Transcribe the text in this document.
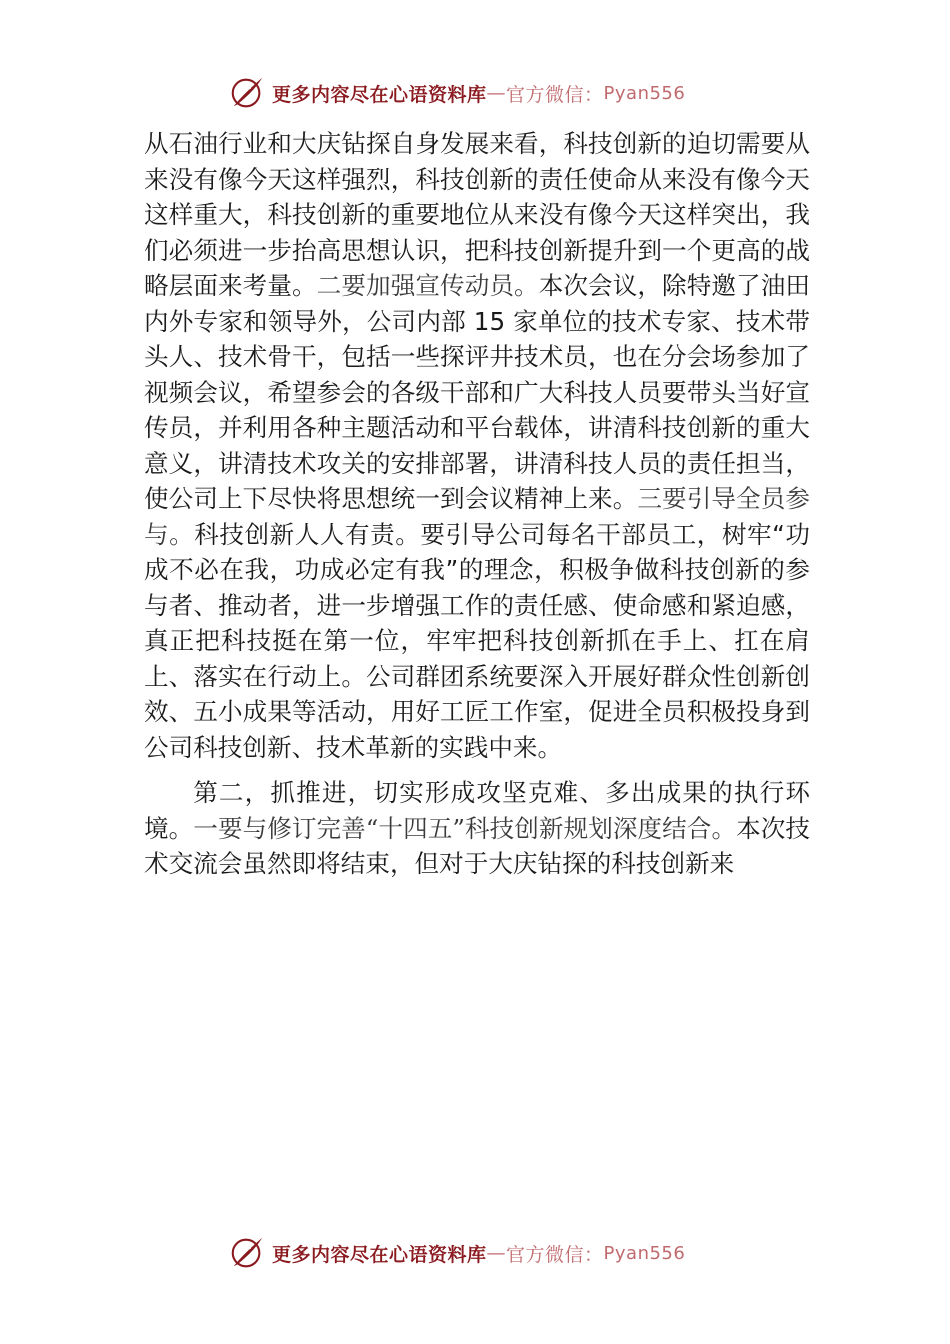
更多内容尽在心语资料库 — 官方微信： Pyan556

从石油行业和大庆钻探自身发展来看，科技创新的迫切需要从来没有像今天这样强烈，科技创新的责任使命从来没有像今天这样重大，科技创新的重要地位从来没有像今天这样突出，我们必须进一步抬高思想认识，把科技创新提升到一个更高的战略层面来考量。二要加强宣传动员。本次会议，除特邀了油田内外专家和领导外，公司内部 15 家单位的技术专家、技术带头人、技术骨干，包括一些探评井技术员，也在分会场参加了视频会议，希望参会的各级干部和广大科技人员要带头当好宣传员，并利用各种主题活动和平台载体，讲清科技创新的重大意义，讲清技术攻关的安排部署，讲清科技人员的责任担当，使公司上下尽快将思想统一到会议精神上来。三要引导全员参与。科技创新人人有责。要引导公司每名干部员工，树牢“功成不必在我，功成必定有我”的理念，积极争做科技创新的参与者、推动者，进一步增强工作的责任感、使命感和紧迫感，真正把科技挺在第一位，牢牢把科技创新抓在手上、扛在肩上、落实在行动上。公司群团系统要深入开展好群众性创新创效、五小成果等活动，用好工匠工作室，促进全员积极投身到公司科技创新、技术革新的实践中来。

第二，抓推进，切实形成攻坚克难、多出成果的执行环境。一要与修订完善“十四五”科技创新规划深度结合。本次技术交流会虽然即将结束，但对于大庆钻探的科技创新来

更多内容尽在心语资料库 — 官方微信： Pyan556
